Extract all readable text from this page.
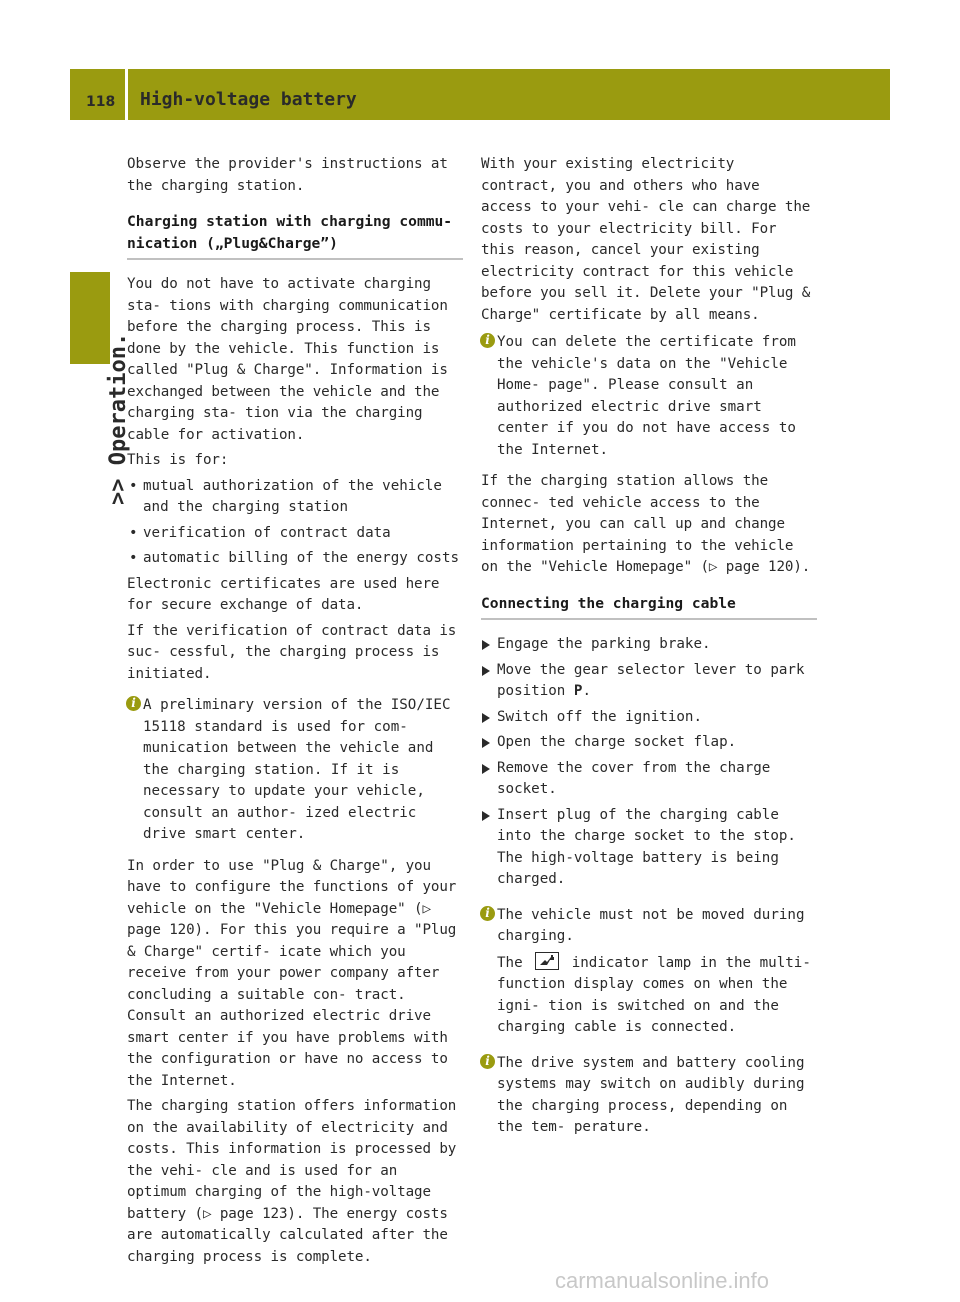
118 High-voltage battery
>> Operation.

Observe the provider's instructions at the charging station.

Charging station with charging commu-
nication („Plug&Charge”)

You do not have to activate charging sta- tions with charging communication before the charging process. This is done by the vehicle. This function is called "Plug & Charge". Information is exchanged between the vehicle and the charging sta- tion via the charging cable for activation.

This is for:

• mutual authorization of the vehicle and the charging station
• verification of contract data
• automatic billing of the energy costs

Electronic certificates are used here for secure exchange of data.

If the verification of contract data is suc- cessful, the charging process is initiated.

i A preliminary version of the ISO/IEC 15118 standard is used for com- munication between the vehicle and the charging station. If it is necessary to update your vehicle, consult an author- ized electric drive smart center.

In order to use "Plug & Charge", you have to configure the functions of your vehicle on the "Vehicle Homepage" (▷ page 120). For this you require a "Plug & Charge" certif- icate which you receive from your power company after concluding a suitable con- tract. Consult an authorized electric drive smart center if you have problems with the configuration or have no access to the Internet.

The charging station offers information on the availability of electricity and costs. This information is processed by the vehi- cle and is used for an optimum charging of the high-voltage battery (▷ page 123). The energy costs are automatically calculated after the charging process is complete.

With your existing electricity contract, you and others who have access to your vehi- cle can charge the costs to your electricity bill. For this reason, cancel your existing electricity contract for this vehicle before you sell it. Delete your "Plug & Charge" certificate by all means.

i You can delete the certificate from the vehicle's data on the "Vehicle Home- page". Please consult an authorized electric drive smart center if you do not have access to the Internet.

If the charging station allows the connec- ted vehicle access to the Internet, you can call up and change information pertaining to the vehicle on the "Vehicle Homepage" (▷ page 120).

Connecting the charging cable
Engage the parking brake.
Move the gear selector lever to park position P.
Switch off the ignition.
Open the charge socket flap.
Remove the cover from the charge socket.
Insert plug of the charging cable into the charge socket to the stop.
The high-voltage battery is being charged.
i The vehicle must not be moved during charging.
The	indicator lamp in the multi- function display comes on when the igni- tion is switched on and the charging cable is connected.
i The drive system and battery cooling systems may switch on audibly during the charging process, depending on the tem- perature.
carmanualsonline.info
